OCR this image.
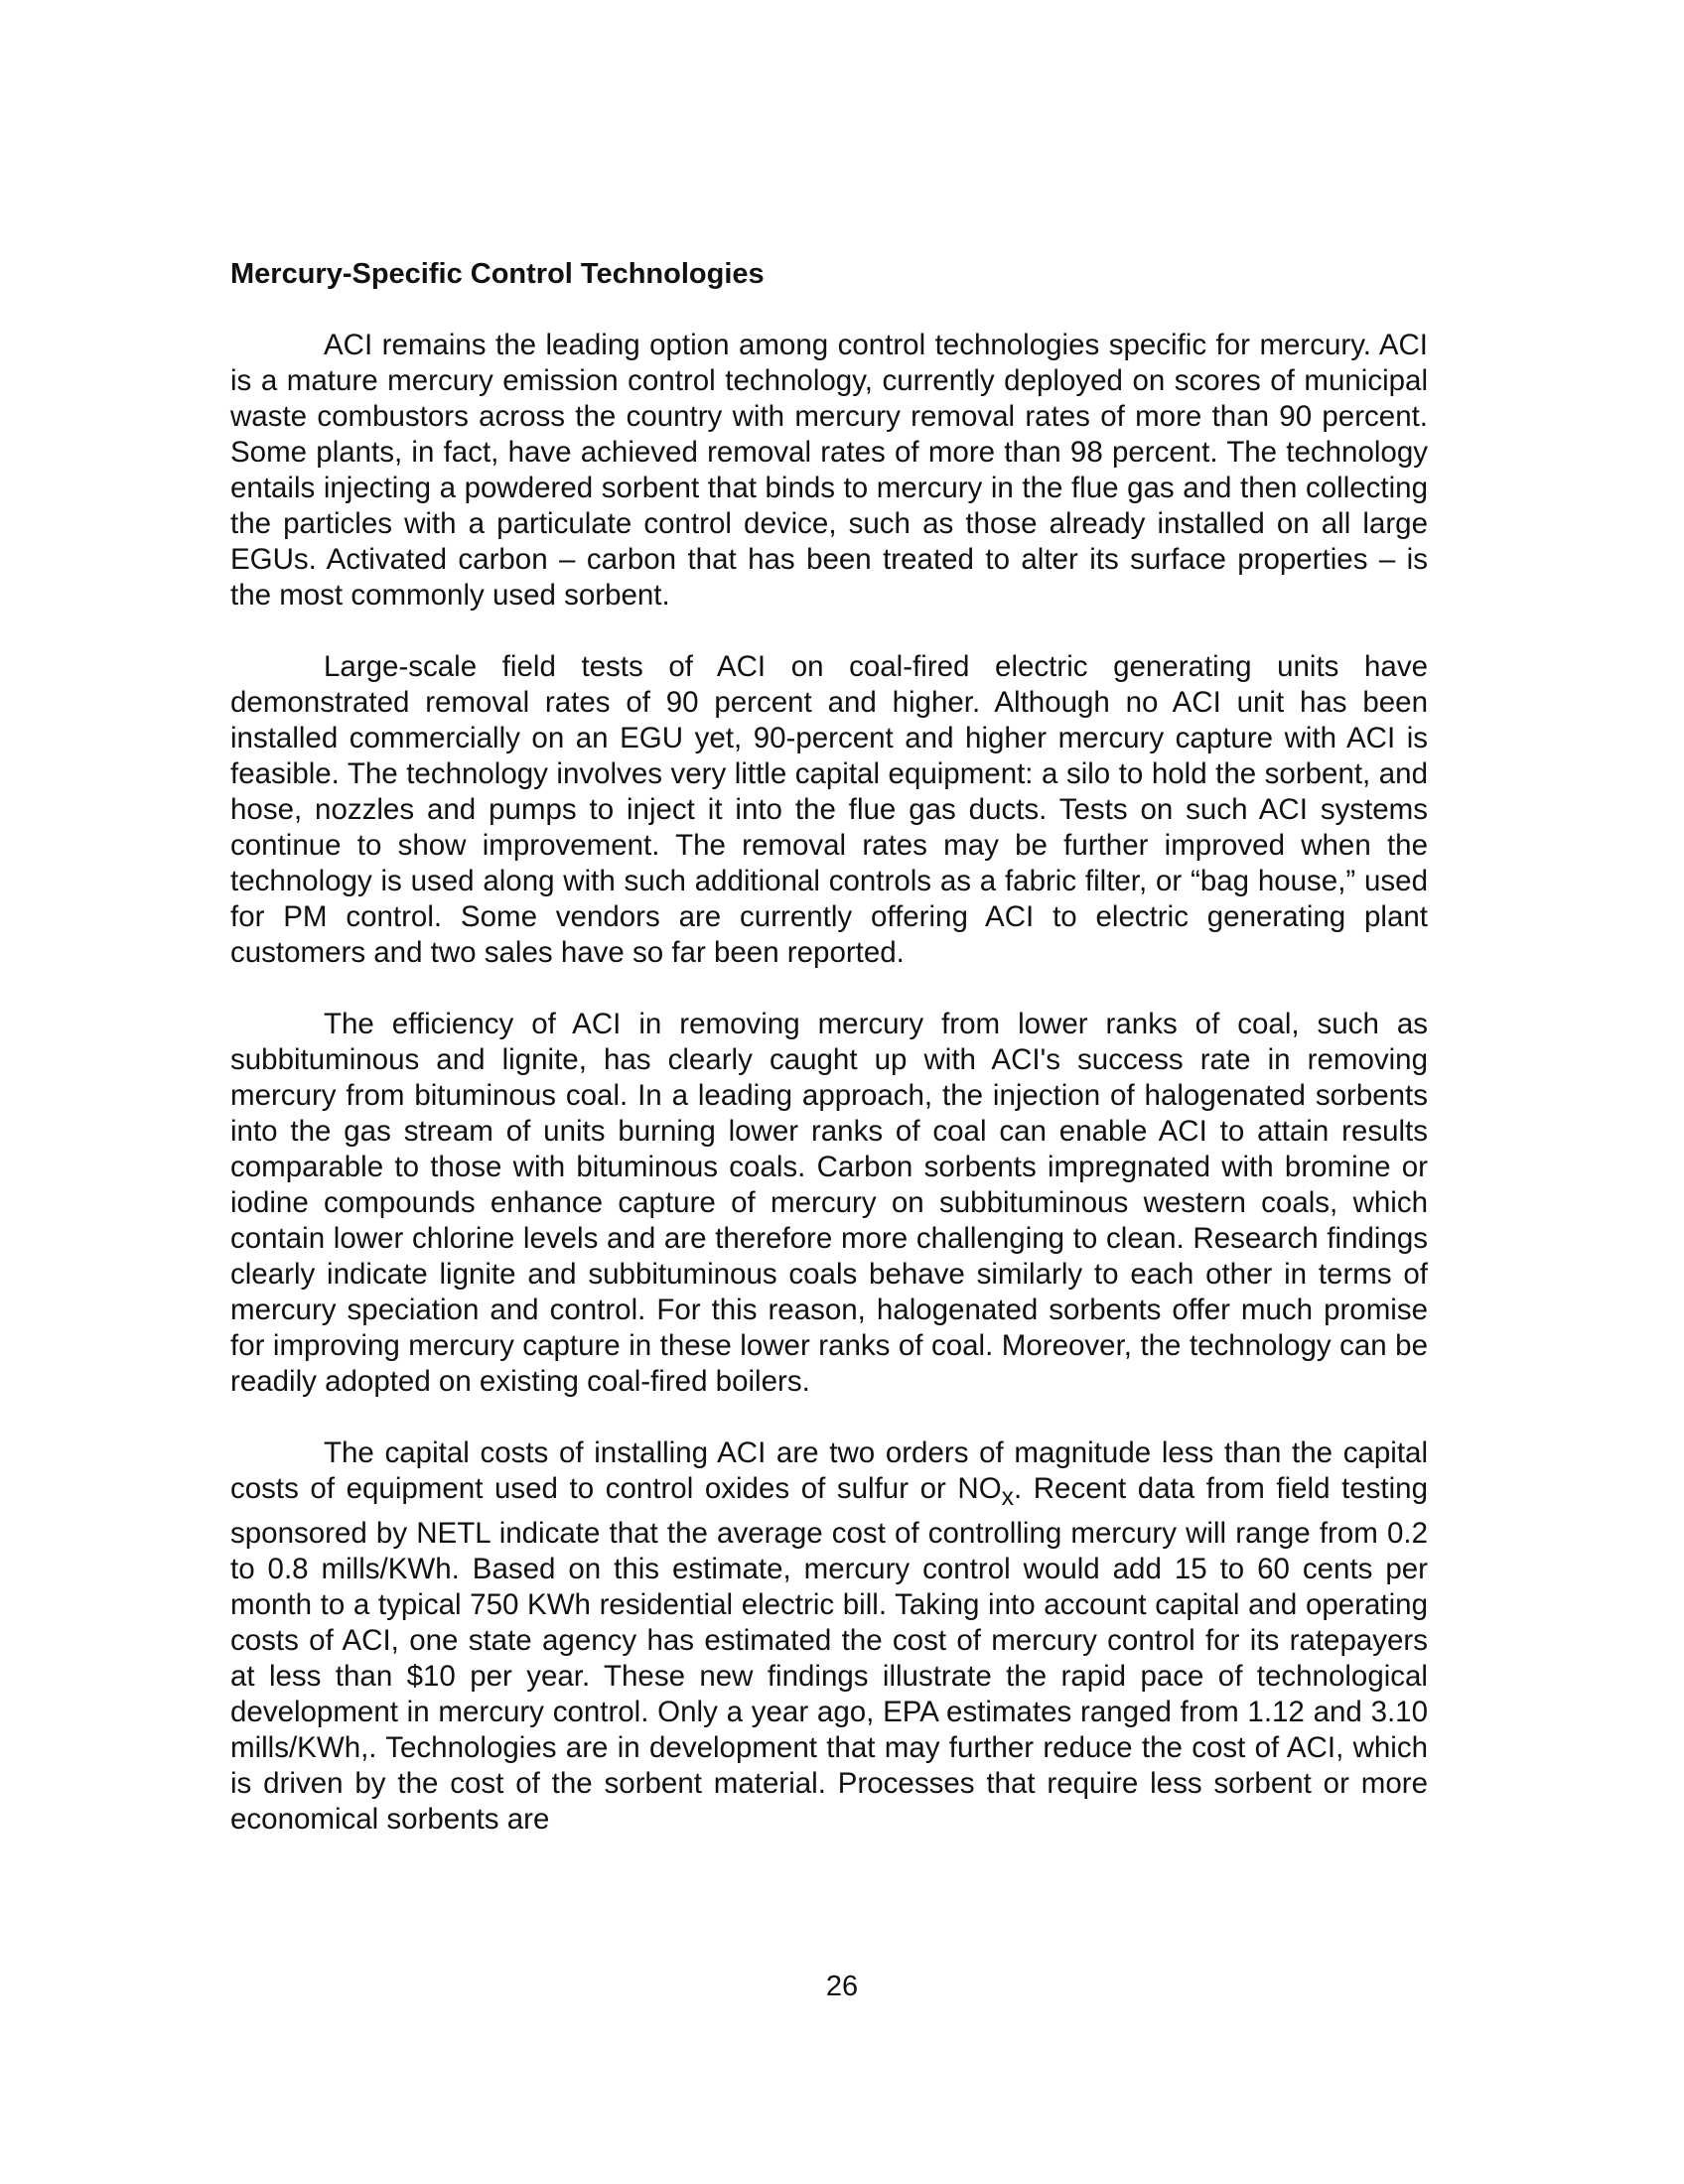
Mercury-Specific Control Technologies

ACI remains the leading option among control technologies specific for mercury. ACI is a mature mercury emission control technology, currently deployed on scores of municipal waste combustors across the country with mercury removal rates of more than 90 percent. Some plants, in fact, have achieved removal rates of more than 98 percent. The technology entails injecting a powdered sorbent that binds to mercury in the flue gas and then collecting the particles with a particulate control device, such as those already installed on all large EGUs. Activated carbon – carbon that has been treated to alter its surface properties – is the most commonly used sorbent.

Large-scale field tests of ACI on coal-fired electric generating units have demonstrated removal rates of 90 percent and higher. Although no ACI unit has been installed commercially on an EGU yet, 90-percent and higher mercury capture with ACI is feasible. The technology involves very little capital equipment: a silo to hold the sorbent, and hose, nozzles and pumps to inject it into the flue gas ducts. Tests on such ACI systems continue to show improvement. The removal rates may be further improved when the technology is used along with such additional controls as a fabric filter, or “bag house,” used for PM control. Some vendors are currently offering ACI to electric generating plant customers and two sales have so far been reported.

The efficiency of ACI in removing mercury from lower ranks of coal, such as subbituminous and lignite, has clearly caught up with ACI's success rate in removing mercury from bituminous coal. In a leading approach, the injection of halogenated sorbents into the gas stream of units burning lower ranks of coal can enable ACI to attain results comparable to those with bituminous coals. Carbon sorbents impregnated with bromine or iodine compounds enhance capture of mercury on subbituminous western coals, which contain lower chlorine levels and are therefore more challenging to clean. Research findings clearly indicate lignite and subbituminous coals behave similarly to each other in terms of mercury speciation and control. For this reason, halogenated sorbents offer much promise for improving mercury capture in these lower ranks of coal. Moreover, the technology can be readily adopted on existing coal-fired boilers.

The capital costs of installing ACI are two orders of magnitude less than the capital costs of equipment used to control oxides of sulfur or $NO_x$. Recent data from field testing sponsored by NETL indicate that the average cost of controlling mercury will range from 0.2 to 0.8 mills/KWh. Based on this estimate, mercury control would add 15 to 60 cents per month to a typical 750 KWh residential electric bill. Taking into account capital and operating costs of ACI, one state agency has estimated the cost of mercury control for its ratepayers at less than $10 per year. These new findings illustrate the rapid pace of technological development in mercury control. Only a year ago, EPA estimates ranged from 1.12 and 3.10 mills/KWh,. Technologies are in development that may further reduce the cost of ACI, which is driven by the cost of the sorbent material. Processes that require less sorbent or more economical sorbents are

26
